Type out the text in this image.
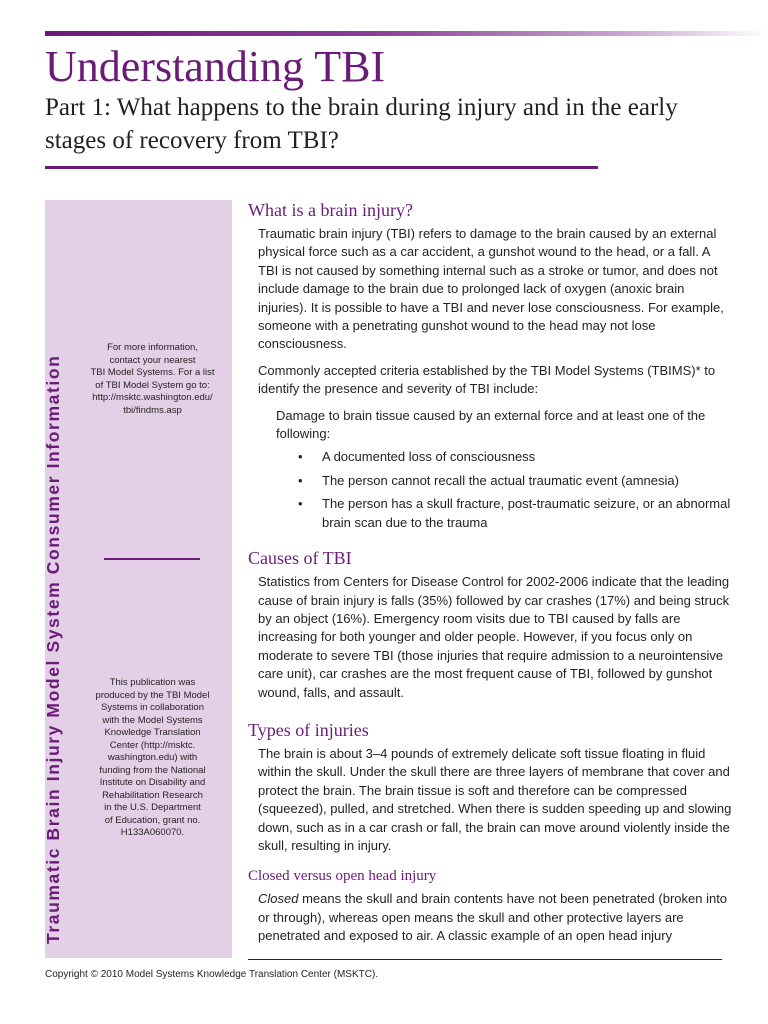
Understanding TBI
Part 1: What happens to the brain during injury and in the early stages of recovery from TBI?
Traumatic Brain Injury Model System Consumer Information

For more information,
contact your nearest
TBI Model Systems. For a list
of TBI Model System go to:
http://msktc.washington.edu/
tbi/findms.asp

This publication was
produced by the TBI Model
Systems in collaboration
with the Model Systems
Knowledge Translation
Center (http://msktc.
washington.edu) with
funding from the National
Institute on Disability and
Rehabilitation Research
in the U.S. Department
of Education, grant no.
H133A060070.

What is a brain injury?

Traumatic brain injury (TBI) refers to damage to the brain caused by an external physical force such as a car accident, a gunshot wound to the head, or a fall. A TBI is not caused by something internal such as a stroke or tumor, and does not include damage to the brain due to prolonged lack of oxygen (anoxic brain injuries). It is possible to have a TBI and never lose consciousness. For example, someone with a penetrating gunshot wound to the head may not lose consciousness.

Commonly accepted criteria established by the TBI Model Systems (TBIMS)* to identify the presence and severity of TBI include:

Damage to brain tissue caused by an external force and at least one of the following:

• A documented loss of consciousness
• The person cannot recall the actual traumatic event (amnesia)
• The person has a skull fracture, post-traumatic seizure, or an abnormal brain scan due to the trauma
Causes of TBI

Statistics from Centers for Disease Control for 2002-2006 indicate that the leading cause of brain injury is falls (35%) followed by car crashes (17%) and being struck by an object (16%). Emergency room visits due to TBI caused by falls are increasing for both younger and older people. However, if you focus only on moderate to severe TBI (those injuries that require admission to a neurointensive care unit), car crashes are the most frequent cause of TBI, followed by gunshot wound, falls, and assault.

Types of injuries

The brain is about 3–4 pounds of extremely delicate soft tissue floating in fluid within the skull. Under the skull there are three layers of membrane that cover and protect the brain. The brain tissue is soft and therefore can be compressed (squeezed), pulled, and stretched. When there is sudden speeding up and slowing down, such as in a car crash or fall, the brain can move around violently inside the skull, resulting in injury.

Closed versus open head injury

Closed means the skull and brain contents have not been penetrated (broken into or through), whereas open means the skull and other protective layers are penetrated and exposed to air. A classic example of an open head injury

Copyright © 2010 Model Systems Knowledge Translation Center (MSKTC).
